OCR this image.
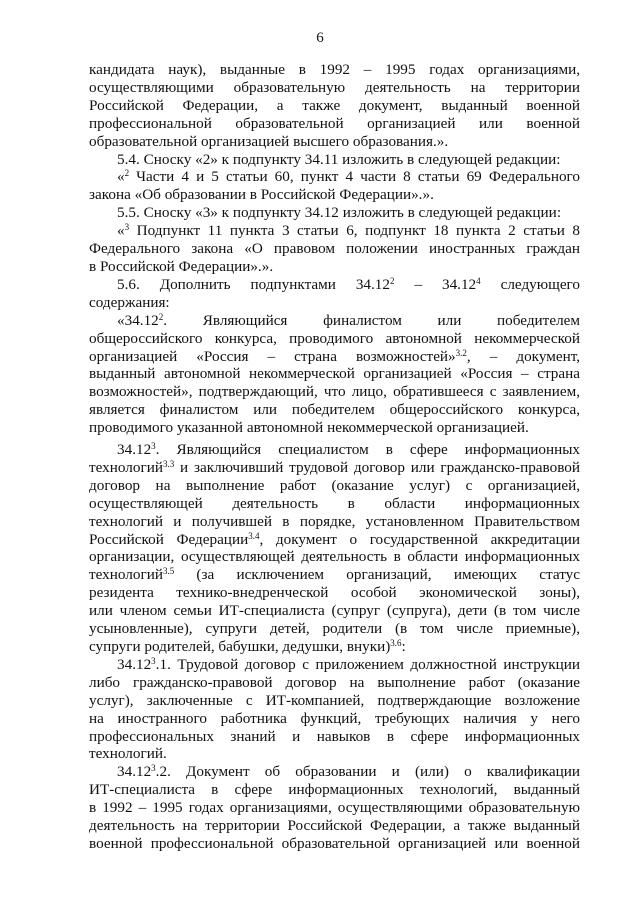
6

кандидата наук), выданные в 1992 – 1995 годах организациями,

осуществляющими образовательную деятельность на территории

Российской Федерации, а также документ, выданный военной

профессиональной образовательной организацией или военной

образовательной организацией высшего образования.».

5.4. Сноску «2» к подпункту 34.11 изложить в следующей редакции:

«$^2$ Части 4 и 5 статьи 60, пункт 4 части 8 статьи 69 Федерального

закона «Об образовании в Российской Федерации».».

5.5. Сноску «3» к подпункту 34.12 изложить в следующей редакции:

«$^3$ Подпункт 11 пункта 3 статьи 6, подпункт 18 пункта 2 статьи 8

Федерального закона «О правовом положении иностранных граждан

в Российской Федерации».».

5.6. Дополнить подпунктами 34.12$^2$ – 34.12$^4$ следующего

содержания:

«34.12$^2$. Являющийся финалистом или победителем

общероссийского конкурса, проводимого автономной некоммерческой

организацией «Россия – страна возможностей»$^{3.2}$, – документ,

выданный автономной некоммерческой организацией «Россия – страна

возможностей», подтверждающий, что лицо, обратившееся с заявлением,

является финалистом или победителем общероссийского конкурса,

проводимого указанной автономной некоммерческой организацией.

34.12$^3$. Являющийся специалистом в сфере информационных

технологий$^{3.3}$ и заключивший трудовой договор или гражданско-правовой

договор на выполнение работ (оказание услуг) с организацией,

осуществляющей деятельность в области информационных

технологий и получившей в порядке, установленном Правительством

Российской Федерации$^{3.4}$, документ о государственной аккредитации

организации, осуществляющей деятельность в области информационных

технологий$^{3.5}$ (за исключением организаций, имеющих статус

резидента технико-внедренческой особой экономической зоны),

или членом семьи ИТ-специалиста (супруг (супруга), дети (в том числе

усыновленные), супруги детей, родители (в том числе приемные),

супруги родителей, бабушки, дедушки, внуки)$^{3.6}$:

34.12$^3$.1. Трудовой договор с приложением должностной инструкции

либо гражданско-правовой договор на выполнение работ (оказание

услуг), заключенные с ИТ-компанией, подтверждающие возложение

на иностранного работника функций, требующих наличия у него

профессиональных знаний и навыков в сфере информационных

технологий.

34.12$^3$.2. Документ об образовании и (или) о квалификации

ИТ-специалиста в сфере информационных технологий, выданный

в 1992 – 1995 годах организациями, осуществляющими образовательную

деятельность на территории Российской Федерации, а также выданный

военной профессиональной образовательной организацией или военной
